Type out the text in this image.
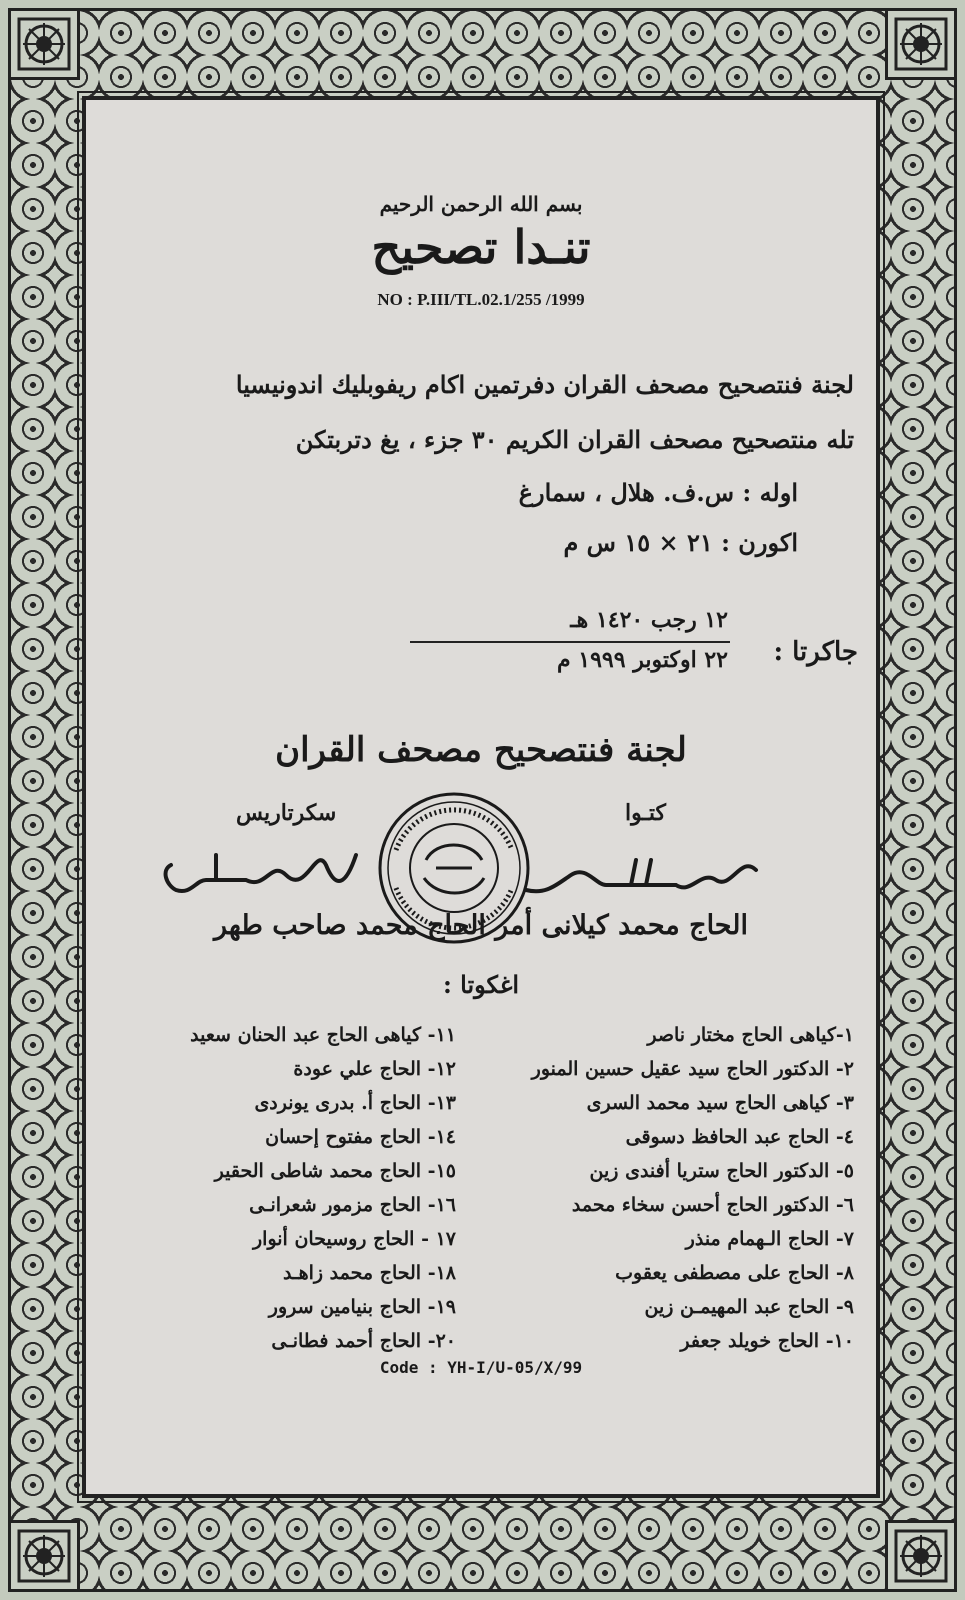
بسم الله الرحمن الرحيم
تنـدا تصحيح
NO : P.III/TL.02.1/255 /1999
لجنة فنتصحيح مصحف القران دفرتمين اكام ريفوبليك اندونيسيا
تله منتصحيح مصحف القران الكريم ٣٠ جزء ، يغ دتربتكن
اوله : س.ف. هلال ، سمارغ
اكورن : ٢١ × ١٥ س م
جاكرتا :
١٢ رجب ١٤٢٠ هـ
٢٢ اوكتوبر ١٩٩٩ م
لجنة فنتصحيح مصحف القران
كتـوا
سكرتاريس
الحاج محمد كيلانى أمر الحاج محمد صاحب طهر
اغكوتا :
١-كياهى الحاج مختار ناصر
٢- الدكتور الحاج سيد عقيل حسين المنور
٣- كياهى الحاج سيد محمد السرى
٤- الحاج عبد الحافظ دسوقى
٥- الدكتور الحاج ستريا أفندى زين
٦- الدكتور الحاج أحسن سخاء محمد
٧- الحاج الـهمام منذر
٨- الحاج على مصطفى يعقوب
٩- الحاج عبد المهيمـن زين
١٠- الحاج خويلد جعفر
١١- كياهى الحاج عبد الحنان سعيد
١٢- الحاج علي عودة
١٣- الحاج أ. بدرى يونردى
١٤- الحاج مفتوح إحسان
١٥- الحاج محمد شاطى الحقير
١٦- الحاج مزمور شعرانـى
١٧ - الحاج روسيحان أنوار
١٨- الحاج محمد زاهـد
١٩- الحاج بنيامين سرور
٢٠- الحاج أحمد فطانـى
Code : YH-I/U-05/X/99
